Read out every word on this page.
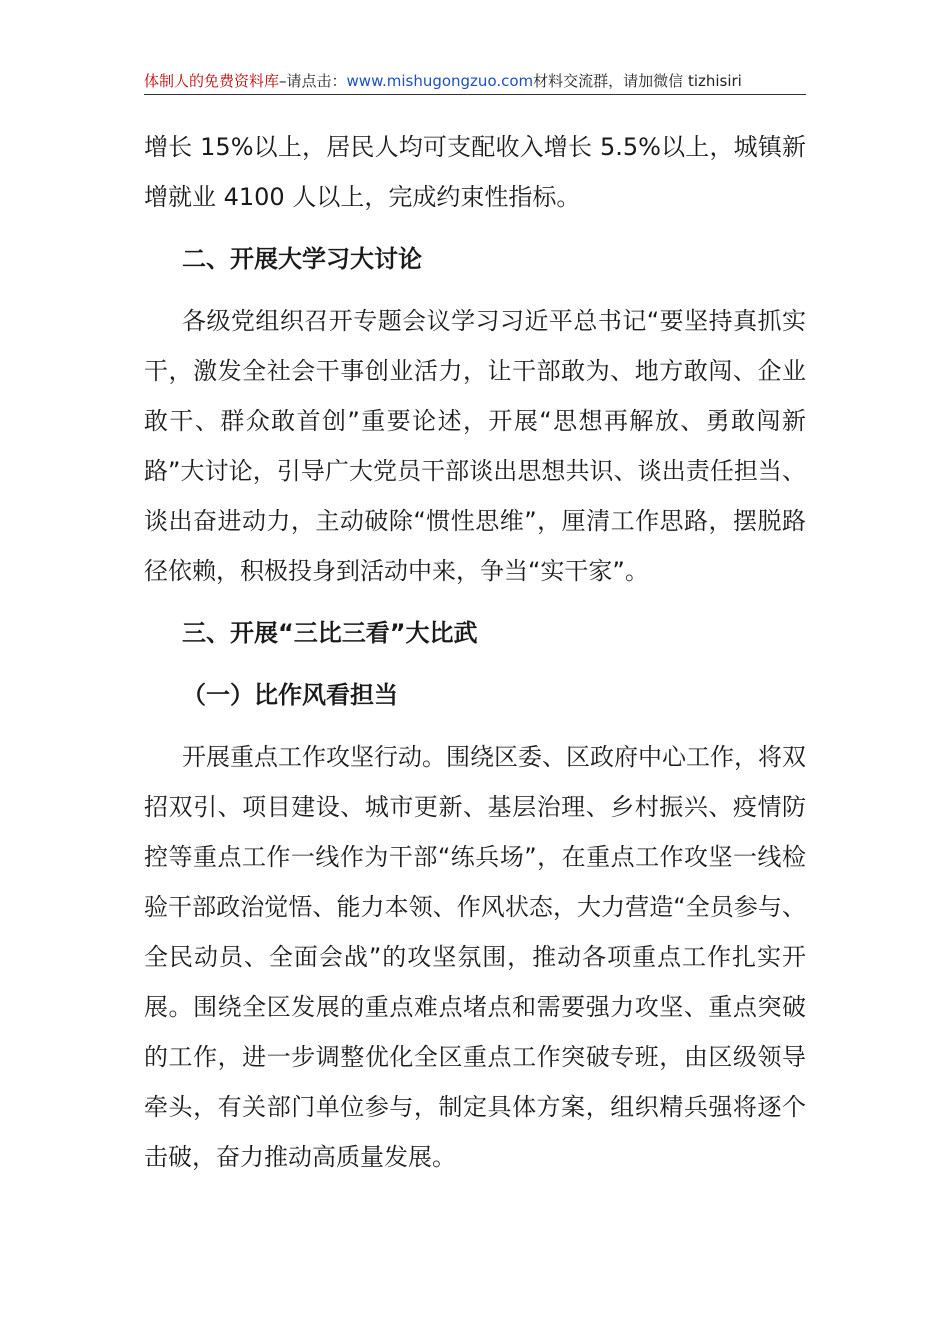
体制人的免费资料库–请点击：www.mishugongzuo.com材料交流群，请加微信 tizhisiri

增长 15%以上，居民人均可支配收入增长 5.5%以上，城镇新增就业 4100 人以上，完成约束性指标。

二、开展大学习大讨论

各级党组织召开专题会议学习习近平总书记“要坚持真抓实干，激发全社会干事创业活力，让干部敢为、地方敢闯、企业敢干、群众敢首创”重要论述，开展“思想再解放、勇敢闯新路”大讨论，引导广大党员干部谈出思想共识、谈出责任担当、谈出奋进动力，主动破除“惯性思维”，厘清工作思路，摆脱路径依赖，积极投身到活动中来，争当“实干家”。

三、开展“三比三看”大比武

（一）比作风看担当

开展重点工作攻坚行动。围绕区委、区政府中心工作，将双招双引、项目建设、城市更新、基层治理、乡村振兴、疫情防控等重点工作一线作为干部“练兵场”，在重点工作攻坚一线检验干部政治觉悟、能力本领、作风状态，大力营造“全员参与、全民动员、全面会战”的攻坚氛围，推动各项重点工作扎实开展。围绕全区发展的重点难点堵点和需要强力攻坚、重点突破的工作，进一步调整优化全区重点工作突破专班，由区级领导牵头，有关部门单位参与，制定具体方案，组织精兵强将逐个击破，奋力推动高质量发展。
